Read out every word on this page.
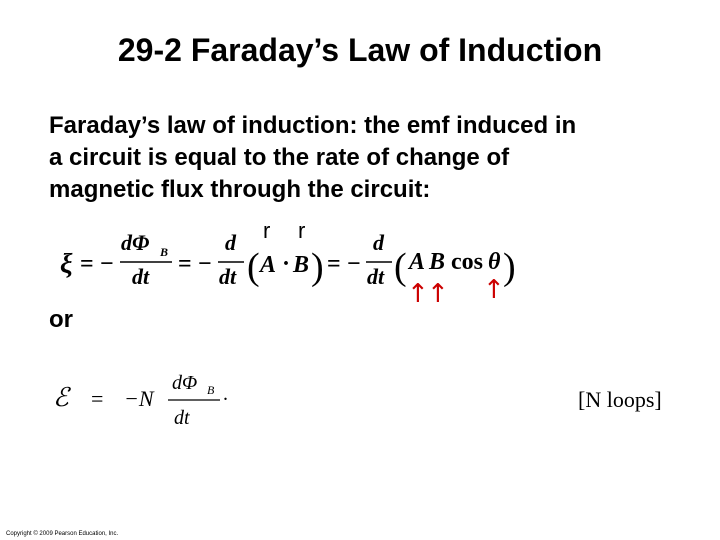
29-2 Faraday’s Law of Induction
Faraday’s law of induction: the emf induced in
a circuit is equal to the rate of change of
magnetic flux through the circuit:
ξ = −
dΦ B
dt = −
d
dt (
r
A ·
r
B ) = −
d
dt ( A B cos θ )
↑
↑ ↑
or
ℰ = −N
dΦ B
dt
.	[N loops]
Copyright © 2009 Pearson Education, Inc.
